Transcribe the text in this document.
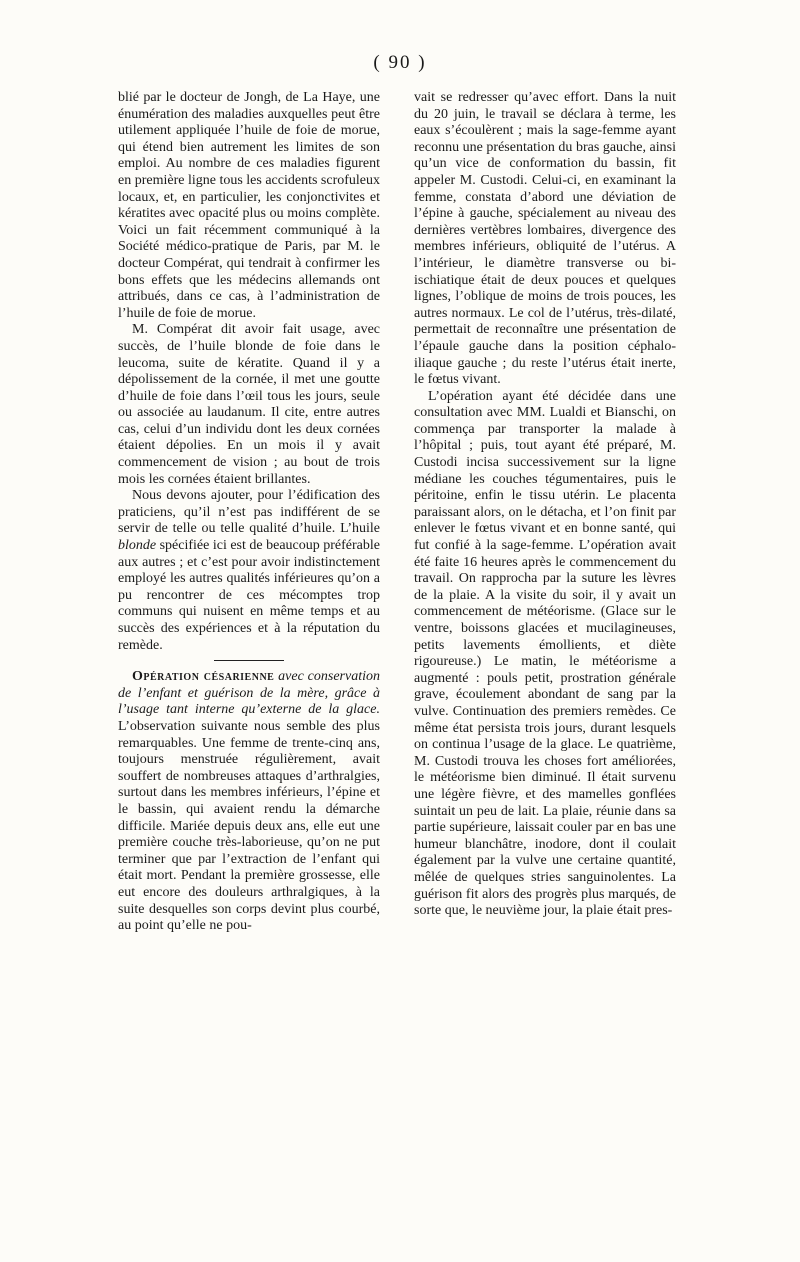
( 90 )

blié par le docteur de Jongh, de La Haye, une énumération des maladies auxquelles peut être utilement appliquée l’huile de foie de morue, qui étend bien autrement les limites de son emploi. Au nombre de ces maladies figurent en première ligne tous les accidents scrofuleux locaux, et, en particulier, les conjonctivites et kératites avec opacité plus ou moins complète. Voici un fait récemment communiqué à la Société médico-pratique de Paris, par M. le docteur Compérat, qui tendrait à confirmer les bons effets que les médecins allemands ont attribués, dans ce cas, à l’administration de l’huile de foie de morue.

M. Compérat dit avoir fait usage, avec succès, de l’huile blonde de foie dans le leucoma, suite de kératite. Quand il y a dépolissement de la cornée, il met une goutte d’huile de foie dans l’œil tous les jours, seule ou associée au laudanum. Il cite, entre autres cas, celui d’un individu dont les deux cornées étaient dépolies. En un mois il y avait commencement de vision ; au bout de trois mois les cornées étaient brillantes.

Nous devons ajouter, pour l’édification des praticiens, qu’il n’est pas indifférent de se servir de telle ou telle qualité d’huile. L’huile blonde spécifiée ici est de beaucoup préférable aux autres ; et c’est pour avoir indistinctement employé les autres qualités inférieures qu’on a pu rencontrer de ces mécomptes trop communs qui nuisent en même temps et au succès des expériences et à la réputation du remède.

Opération césarienne avec conservation de l’enfant et guérison de la mère, grâce à l’usage tant interne qu’externe de la glace. L’observation suivante nous semble des plus remarquables. Une femme de trente-cinq ans, toujours menstruée régulièrement, avait souffert de nombreuses attaques d’arthralgies, surtout dans les membres inférieurs, l’épine et le bassin, qui avaient rendu la démarche difficile. Mariée depuis deux ans, elle eut une première couche très-laborieuse, qu’on ne put terminer que par l’extraction de l’enfant qui était mort. Pendant la première grossesse, elle eut encore des douleurs arthralgiques, à la suite desquelles son corps devint plus courbé, au point qu’elle ne pou-

vait se redresser qu’avec effort. Dans la nuit du 20 juin, le travail se déclara à terme, les eaux s’écoulèrent ; mais la sage-femme ayant reconnu une présentation du bras gauche, ainsi qu’un vice de conformation du bassin, fit appeler M. Custodi. Celui-ci, en examinant la femme, constata d’abord une déviation de l’épine à gauche, spécialement au niveau des dernières vertèbres lombaires, divergence des membres inférieurs, obliquité de l’utérus. A l’intérieur, le diamètre transverse ou bi-ischiatique était de deux pouces et quelques lignes, l’oblique de moins de trois pouces, les autres normaux. Le col de l’utérus, très-dilaté, permettait de reconnaître une présentation de l’épaule gauche dans la position céphalo-iliaque gauche ; du reste l’utérus était inerte, le fœtus vivant.

L’opération ayant été décidée dans une consultation avec MM. Lualdi et Bianschi, on commença par transporter la malade à l’hôpital ; puis, tout ayant été préparé, M. Custodi incisa successivement sur la ligne médiane les couches tégumentaires, puis le péritoine, enfin le tissu utérin. Le placenta paraissant alors, on le détacha, et l’on finit par enlever le fœtus vivant et en bonne santé, qui fut confié à la sage-femme. L’opération avait été faite 16 heures après le commencement du travail. On rapprocha par la suture les lèvres de la plaie. A la visite du soir, il y avait un commencement de météorisme. (Glace sur le ventre, boissons glacées et mucilagineuses, petits lavements émollients, et diète rigoureuse.) Le matin, le météorisme a augmenté : pouls petit, prostration générale grave, écoulement abondant de sang par la vulve. Continuation des premiers remèdes. Ce même état persista trois jours, durant lesquels on continua l’usage de la glace. Le quatrième, M. Custodi trouva les choses fort améliorées, le météorisme bien diminué. Il était survenu une légère fièvre, et des mamelles gonflées suintait un peu de lait. La plaie, réunie dans sa partie supérieure, laissait couler par en bas une humeur blanchâtre, inodore, dont il coulait également par la vulve une certaine quantité, mêlée de quelques stries sanguinolentes. La guérison fit alors des progrès plus marqués, de sorte que, le neuvième jour, la plaie était pres-
